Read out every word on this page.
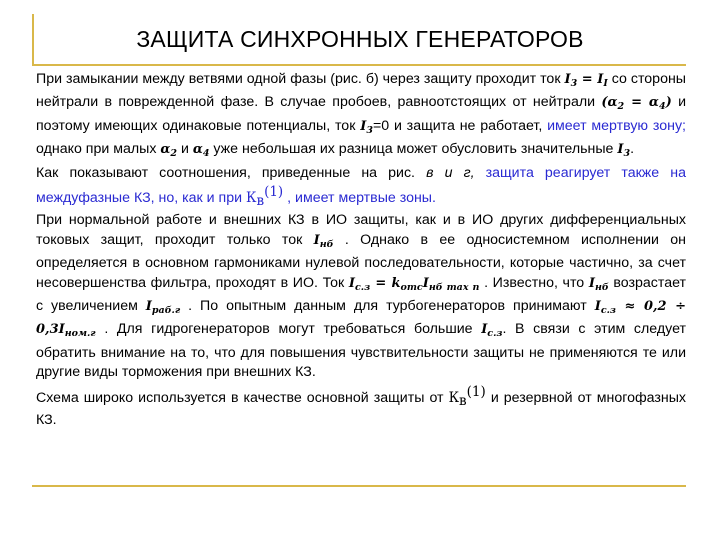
ЗАЩИТА СИНХРОННЫХ ГЕНЕРАТОРОВ

При замыкании между ветвями одной фазы (рис. б) через защиту проходит ток $I_3 = I_I$ со стороны нейтрали в поврежденной фазе. В случае пробоев, равноотстоящих от нейтрали $(\alpha_2 = \alpha_4)$ и поэтому имеющих одинаковые потенциалы, ток $I_3=0$ и защита не работает, имеет мертвую зону; однако при малых $\alpha_2$ и $\alpha_4$ уже небольшая их разница может обусловить значительные $I_3$.

Как показывают соотношения, приведенные на рис. в и г, защита реагирует также на междуфазные КЗ, но, как и при Кв(1) , имеет мертвые зоны.

При нормальной работе и внешних КЗ в ИО защиты, как и в ИО других дифференциальных токовых защит, проходит только ток $I_{нб}$ . Однако в ее односистемном исполнении он определяется в основном гармониками нулевой последовательности, которые частично, за счет несовершенства фильтра, проходят в ИО. Ток $I_{с.з} = k_{отс}I_{нб max п}$ . Известно, что $I_{нб}$ возрастает с увеличением $I_{раб.г}$ . По опытным данным для турбогенераторов принимают $I_{с.з} \approx 0,2 \div 0,3I_{ном.г}$ . Для гидрогенераторов могут требоваться большие $I_{с.з}$. В связи с этим следует обратить внимание на то, что для повышения чувствительности защиты не применяются те или другие виды торможения при внешних КЗ.

Схема широко используется в качестве основной защиты от Кв(1) и резервной от многофазных КЗ.
